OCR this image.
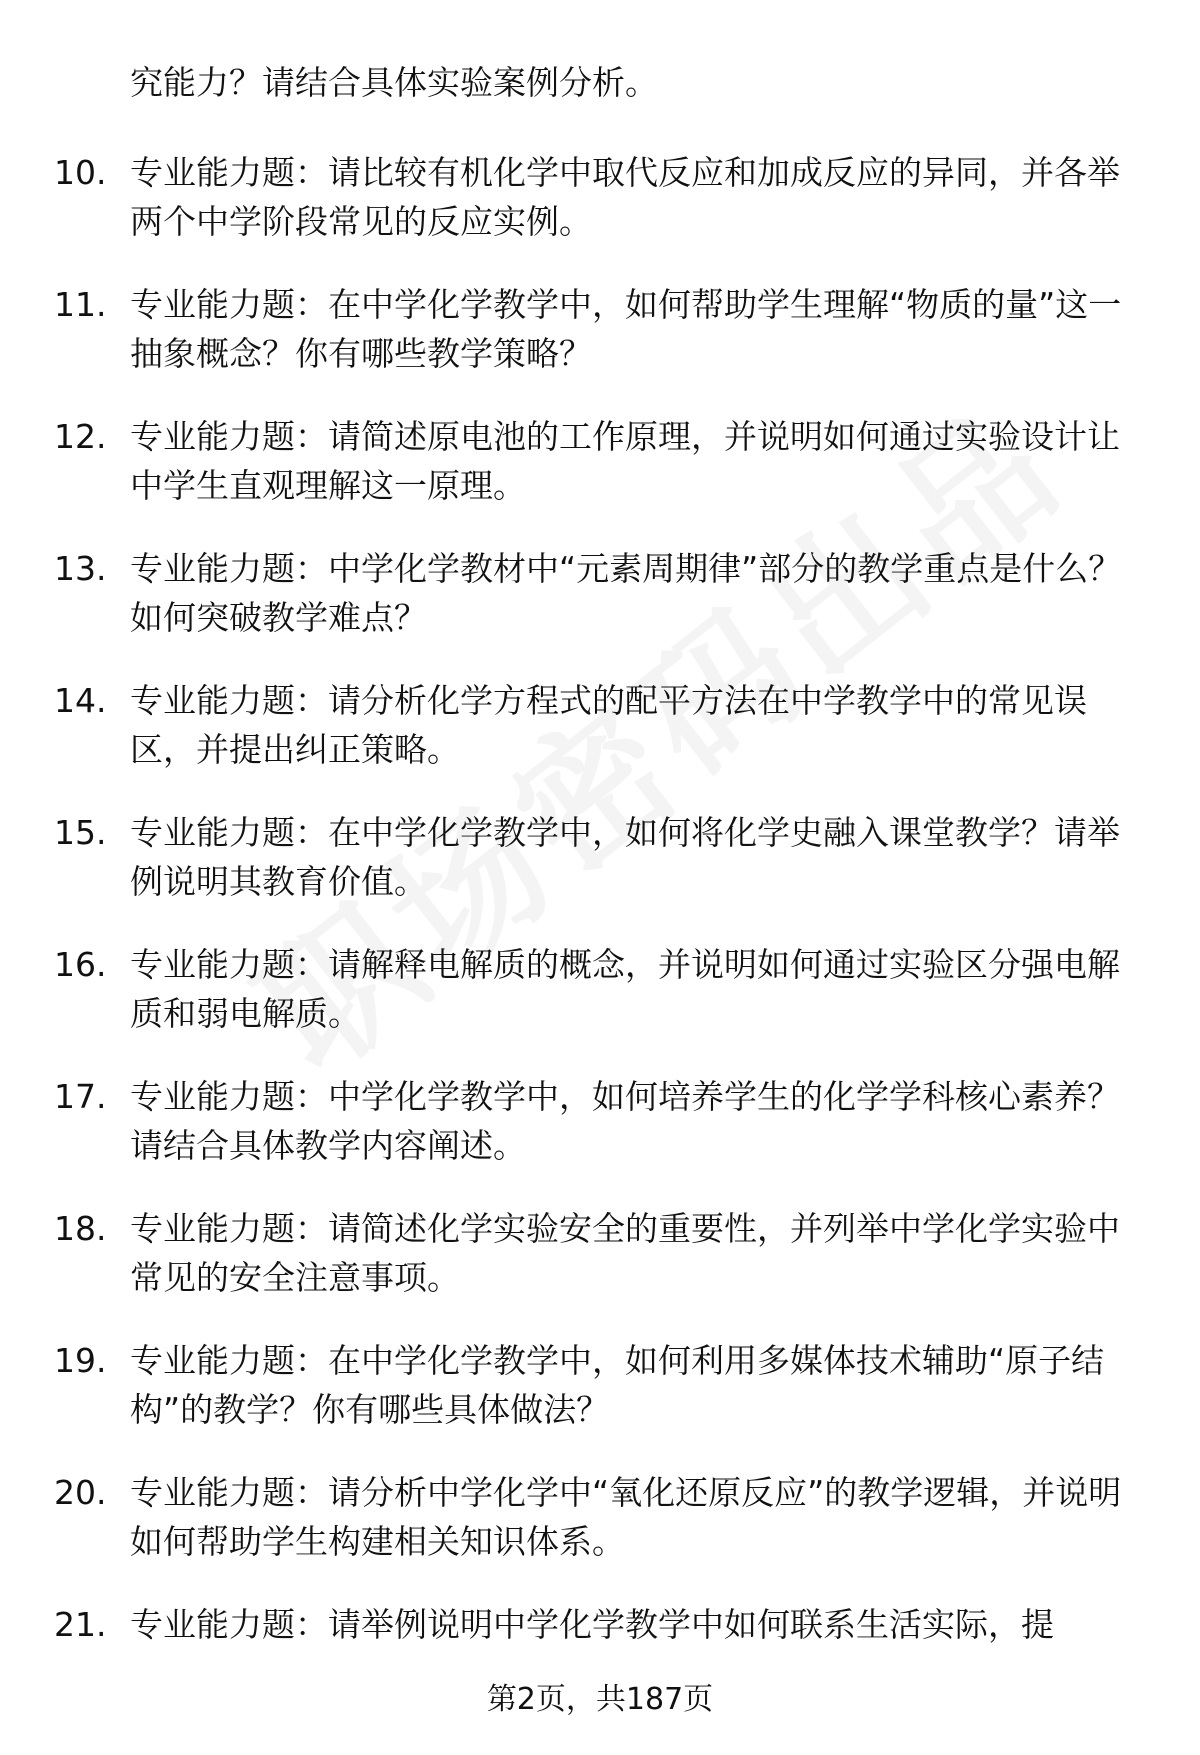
究能力？请结合具体实验案例分析。
10. 专业能力题：请比较有机化学中取代反应和加成反应的异同，并各举两个中学阶段常见的反应实例。
11. 专业能力题：在中学化学教学中，如何帮助学生理解“物质的量”这一抽象概念？你有哪些教学策略？
12. 专业能力题：请简述原电池的工作原理，并说明如何通过实验设计让中学生直观理解这一原理。
13. 专业能力题：中学化学教材中“元素周期律”部分的教学重点是什么？如何突破教学难点？
14. 专业能力题：请分析化学方程式的配平方法在中学教学中的常见误区，并提出纠正策略。
15. 专业能力题：在中学化学教学中，如何将化学史融入课堂教学？请举例说明其教育价值。
16. 专业能力题：请解释电解质的概念，并说明如何通过实验区分强电解质和弱电解质。
17. 专业能力题：中学化学教学中，如何培养学生的化学学科核心素养？请结合具体教学内容阐述。
18. 专业能力题：请简述化学实验安全的重要性，并列举中学化学实验中常见的安全注意事项。
19. 专业能力题：在中学化学教学中，如何利用多媒体技术辅助“原子结构”的教学？你有哪些具体做法？
20. 专业能力题：请分析中学化学中“氧化还原反应”的教学逻辑，并说明如何帮助学生构建相关知识体系。
21. 专业能力题：请举例说明中学化学教学中如何联系生活实际，提
第2页，共187页
